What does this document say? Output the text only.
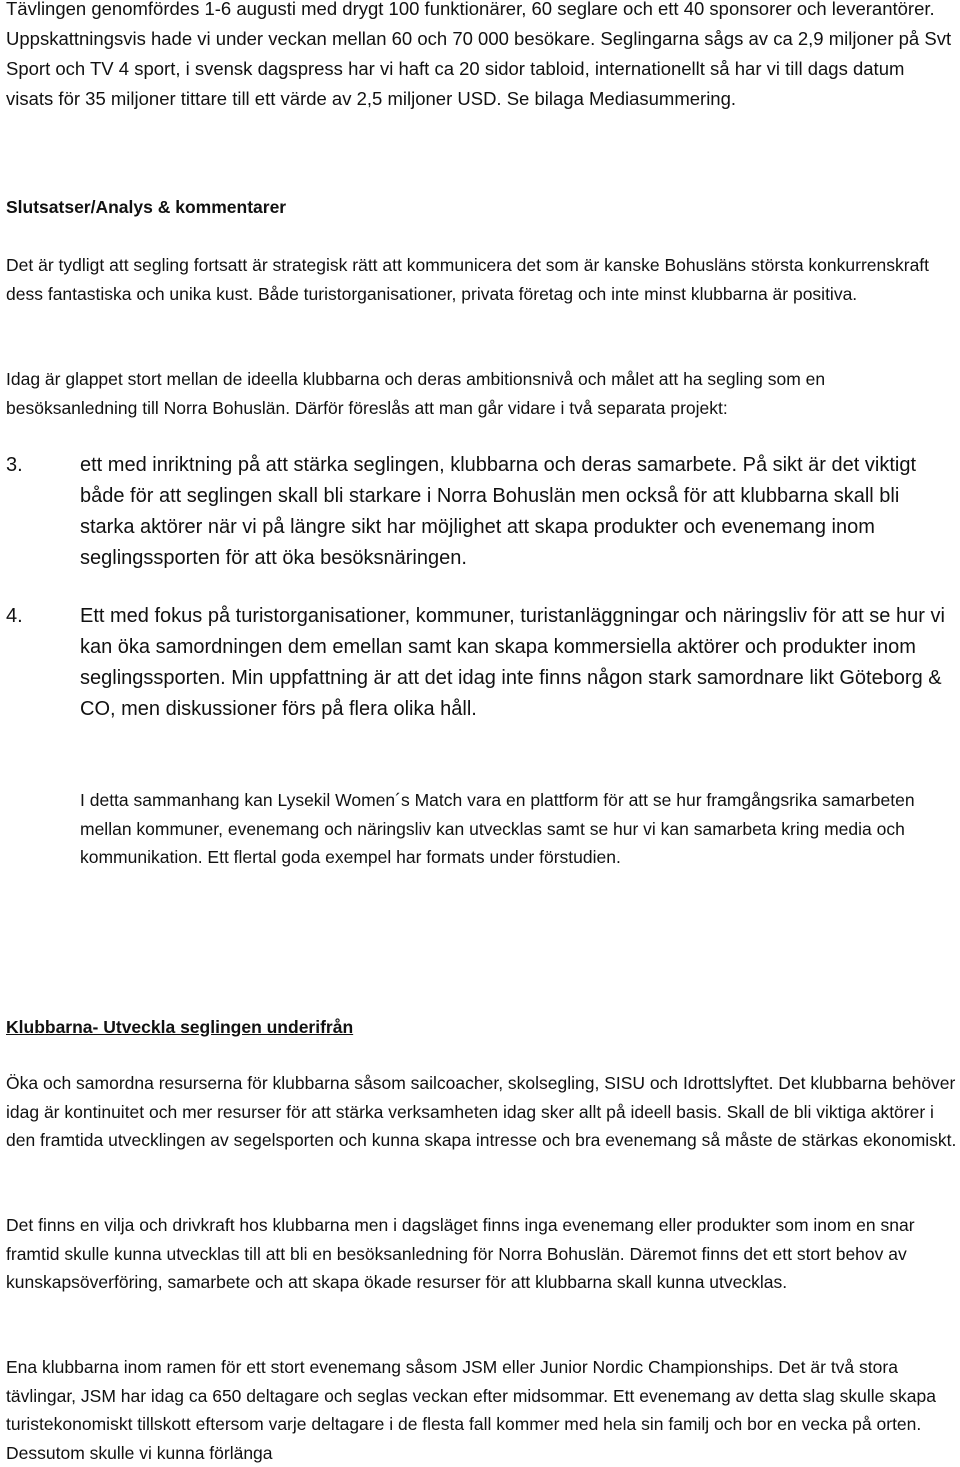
Tävlingen genomfördes 1-6 augusti med drygt 100 funktionärer, 60 seglare och ett 40 sponsorer och leverantörer. Uppskattningsvis hade vi under veckan mellan 60 och 70 000 besökare. Seglingarna sågs av ca 2,9 miljoner på Svt Sport och TV 4 sport, i svensk dagspress har vi haft ca 20 sidor tabloid, internationellt så har vi till dags datum visats för 35 miljoner tittare till ett värde av 2,5 miljoner USD. Se bilaga Mediasummering.

Slutsatser/Analys & kommentarer

Det är tydligt att segling fortsatt är strategisk rätt att kommunicera det som är kanske Bohusläns största konkurrenskraft dess fantastiska och unika kust. Både turistorganisationer, privata företag och inte minst klubbarna är positiva.

Idag är glappet stort mellan de ideella klubbarna och deras ambitionsnivå och målet att ha segling som en besöksanledning till Norra Bohuslän. Därför föreslås att man går vidare i två separata projekt:

3.	ett med inriktning på att stärka seglingen, klubbarna och deras samarbete. På sikt är det viktigt både för att seglingen skall bli starkare i Norra Bohuslän men också för att klubbarna skall bli starka aktörer när vi på längre sikt har möjlighet att skapa produkter och evenemang inom seglingssporten för att öka besöksnäringen.

4.	Ett med fokus på turistorganisationer, kommuner, turistanläggningar och näringsliv för att se hur vi kan öka samordningen dem emellan samt kan skapa kommersiella aktörer och produkter inom seglingssporten. Min uppfattning är att det idag inte finns någon stark samordnare likt Göteborg & CO, men diskussioner förs på flera olika håll.

I detta sammanhang kan Lysekil Women´s Match vara en plattform för att se hur framgångsrika samarbeten mellan kommuner, evenemang och näringsliv kan utvecklas samt se hur vi kan samarbeta kring media och kommunikation. Ett flertal goda exempel har formats under förstudien.

Klubbarna- Utveckla seglingen underifrån

Öka och samordna resurserna för klubbarna såsom sailcoacher, skolsegling, SISU och Idrottslyftet. Det klubbarna behöver idag är kontinuitet och mer resurser för att stärka verksamheten idag sker allt på ideell basis. Skall de bli viktiga aktörer i den framtida utvecklingen av segelsporten och kunna skapa intresse och bra evenemang så måste de stärkas ekonomiskt.

Det finns en vilja och drivkraft hos klubbarna men i dagsläget finns inga evenemang eller produkter som inom en snar framtid skulle kunna utvecklas till att bli en besöksanledning för Norra Bohuslän. Däremot finns det ett stort behov av kunskapsöverföring, samarbete och att skapa ökade resurser för att klubbarna skall kunna utvecklas.

Ena klubbarna inom ramen för ett stort evenemang såsom JSM eller Junior Nordic Championships. Det är två stora tävlingar, JSM har idag ca 650 deltagare och seglas veckan efter midsommar. Ett evenemang av detta slag skulle skapa turistekonomiskt tillskott eftersom varje deltagare i de flesta fall kommer med hela sin familj och bor en vecka på orten. Dessutom skulle vi kunna förlänga
